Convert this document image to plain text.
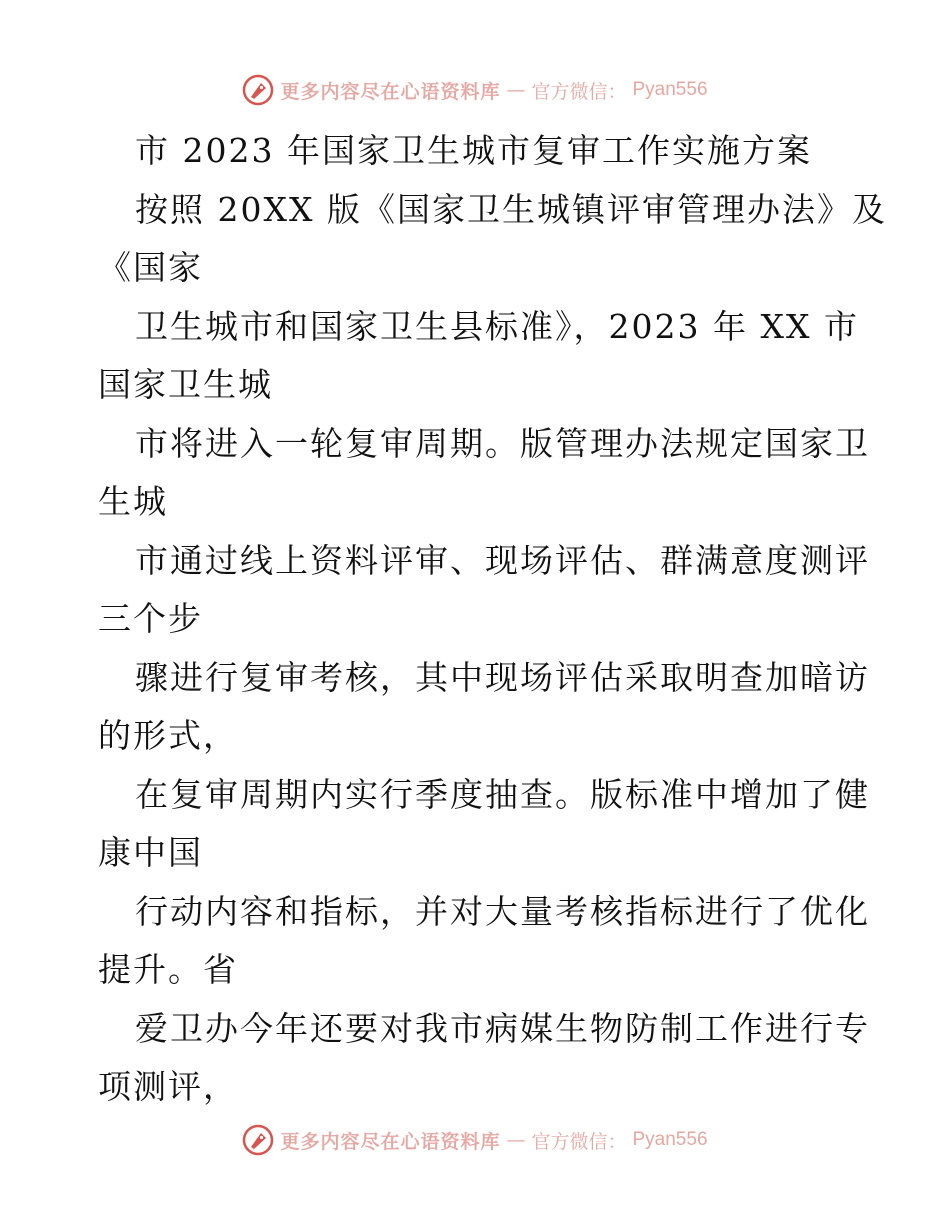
更多内容尽在心语资料库 — 官方微信： Pyan556
市 2023 年国家卫生城市复审工作实施方案
按照 20XX 版《国家卫生城镇评审管理办法》及
《国家
卫生城市和国家卫生县标准》，2023 年 XX 市
国家卫生城
市将进入一轮复审周期。版管理办法规定国家卫
生城
市通过线上资料评审、现场评估、群满意度测评
三个步
骤进行复审考核，其中现场评估采取明查加暗访
的形式，
在复审周期内实行季度抽查。版标准中增加了健
康中国
行动内容和指标，并对大量考核指标进行了优化
提升。省
爱卫办今年还要对我市病媒生物防制工作进行专
项测评，
更多内容尽在心语资料库 — 官方微信： Pyan556
